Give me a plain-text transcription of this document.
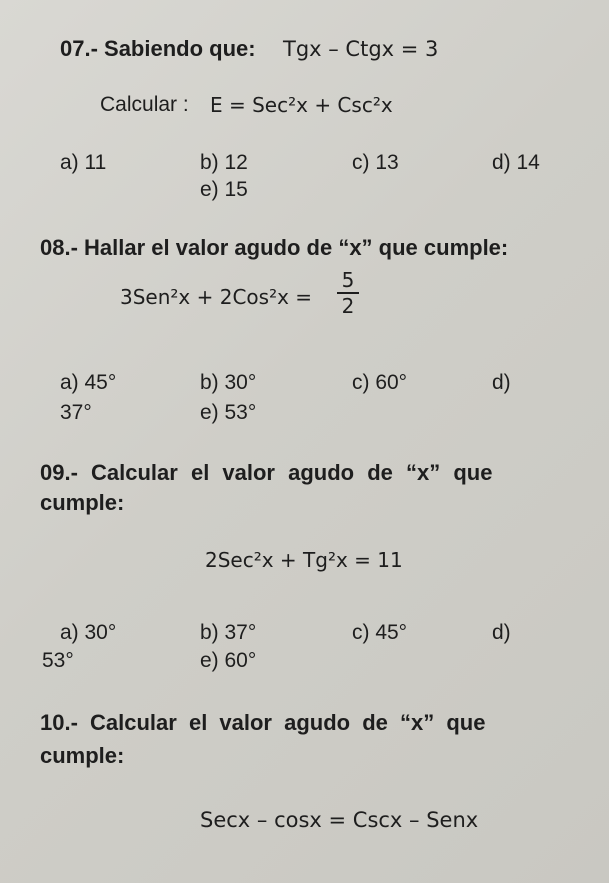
07.- Sabiendo que: Tgx – Ctgx = 3
Calcular : E = Sec²x + Csc²x
a) 11	b) 12	c) 13	d) 14
e) 15
08.- Hallar el valor agudo de “x” que cumple:
3Sen²x + 2Cos²x =
5
2
a) 45°	b) 30°	c) 60°	d)
37°	e) 53°
09.- Calcular el valor agudo de “x” que
cumple:
2Sec²x + Tg²x = 11
a) 30°	b) 37°	c) 45°	d)
53°	e) 60°
10.- Calcular el valor agudo de “x” que
cumple:
Secx – cosx = Cscx – Senx
